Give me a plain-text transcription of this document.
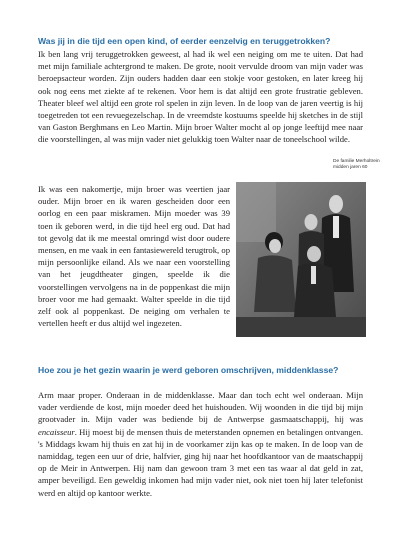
Was jij in die tijd een open kind, of eerder eenzelvig en teruggetrokken?

Ik ben lang vrij teruggetrokken geweest, al had ik wel een neiging om me te uiten. Dat had met mijn familiale achtergrond te maken. De grote, nooit vervulde droom van mijn vader was beroepsacteur worden. Zijn ouders hadden daar een stokje voor gestoken, en later kreeg hij ook nog eens met ziekte af te rekenen. Voor hem is dat altijd een grote frustratie gebleven. Theater bleef wel altijd een grote rol spelen in zijn leven. In de loop van de jaren veertig is hij toegetreden tot een revuegezelschap. In de vreemdste kostuums speelde hij sketches in de stijl van Gaston Berghmans en Leo Martin. Mijn broer Walter mocht al op jonge leeftijd mee naar die voorstellingen, al was mijn vader niet gelukkig toen Walter naar de toneelschool wilde.

De familie Merholtrein midden jaren 60

Ik was een nakomertje, mijn broer was veertien jaar ouder. Mijn broer en ik waren gescheiden door een oorlog en een paar miskramen. Mijn moeder was 39 toen ik geboren werd, in die tijd heel erg oud. Dat had tot gevolg dat ik me meestal omringd wist door oudere mensen, en me vaak in een fantasiewereld terugtrok, op mijn persoonlijke eiland. Als we naar een voorstelling van het jeugdtheater gingen, speelde ik die voorstellingen vervolgens na in de poppenkast die mijn broer voor me had gemaakt. Walter speelde in die tijd zelf ook al poppenkast. De neiging om verhalen te vertellen heeft er dus altijd wel ingezeten.

Hoe zou je het gezin waarin je werd geboren omschrijven, middenklasse?

Arm maar proper. Onderaan in de middenklasse. Maar dan toch echt wel onderaan. Mijn vader verdiende de kost, mijn moeder deed het huishouden. Wij woonden in die tijd bij mijn grootvader in. Mijn vader was bediende bij de Antwerpse gasmaatschappij, hij was encaisseur. Hij moest bij de mensen thuis de meterstanden opnemen en betalingen ontvangen. 's Middags kwam hij thuis en zat hij in de voorkamer zijn kas op te maken. In de loop van de namiddag, tegen een uur of drie, halfvier, ging hij naar het hoofdkantoor van de maatschappij op de Meir in Antwerpen. Hij nam dan gewoon tram 3 met een tas waar al dat geld in zat, amper beveiligd. Een geweldig inkomen had mijn vader niet, ook niet toen hij later telefonist werd en altijd op kantoor werkte.
